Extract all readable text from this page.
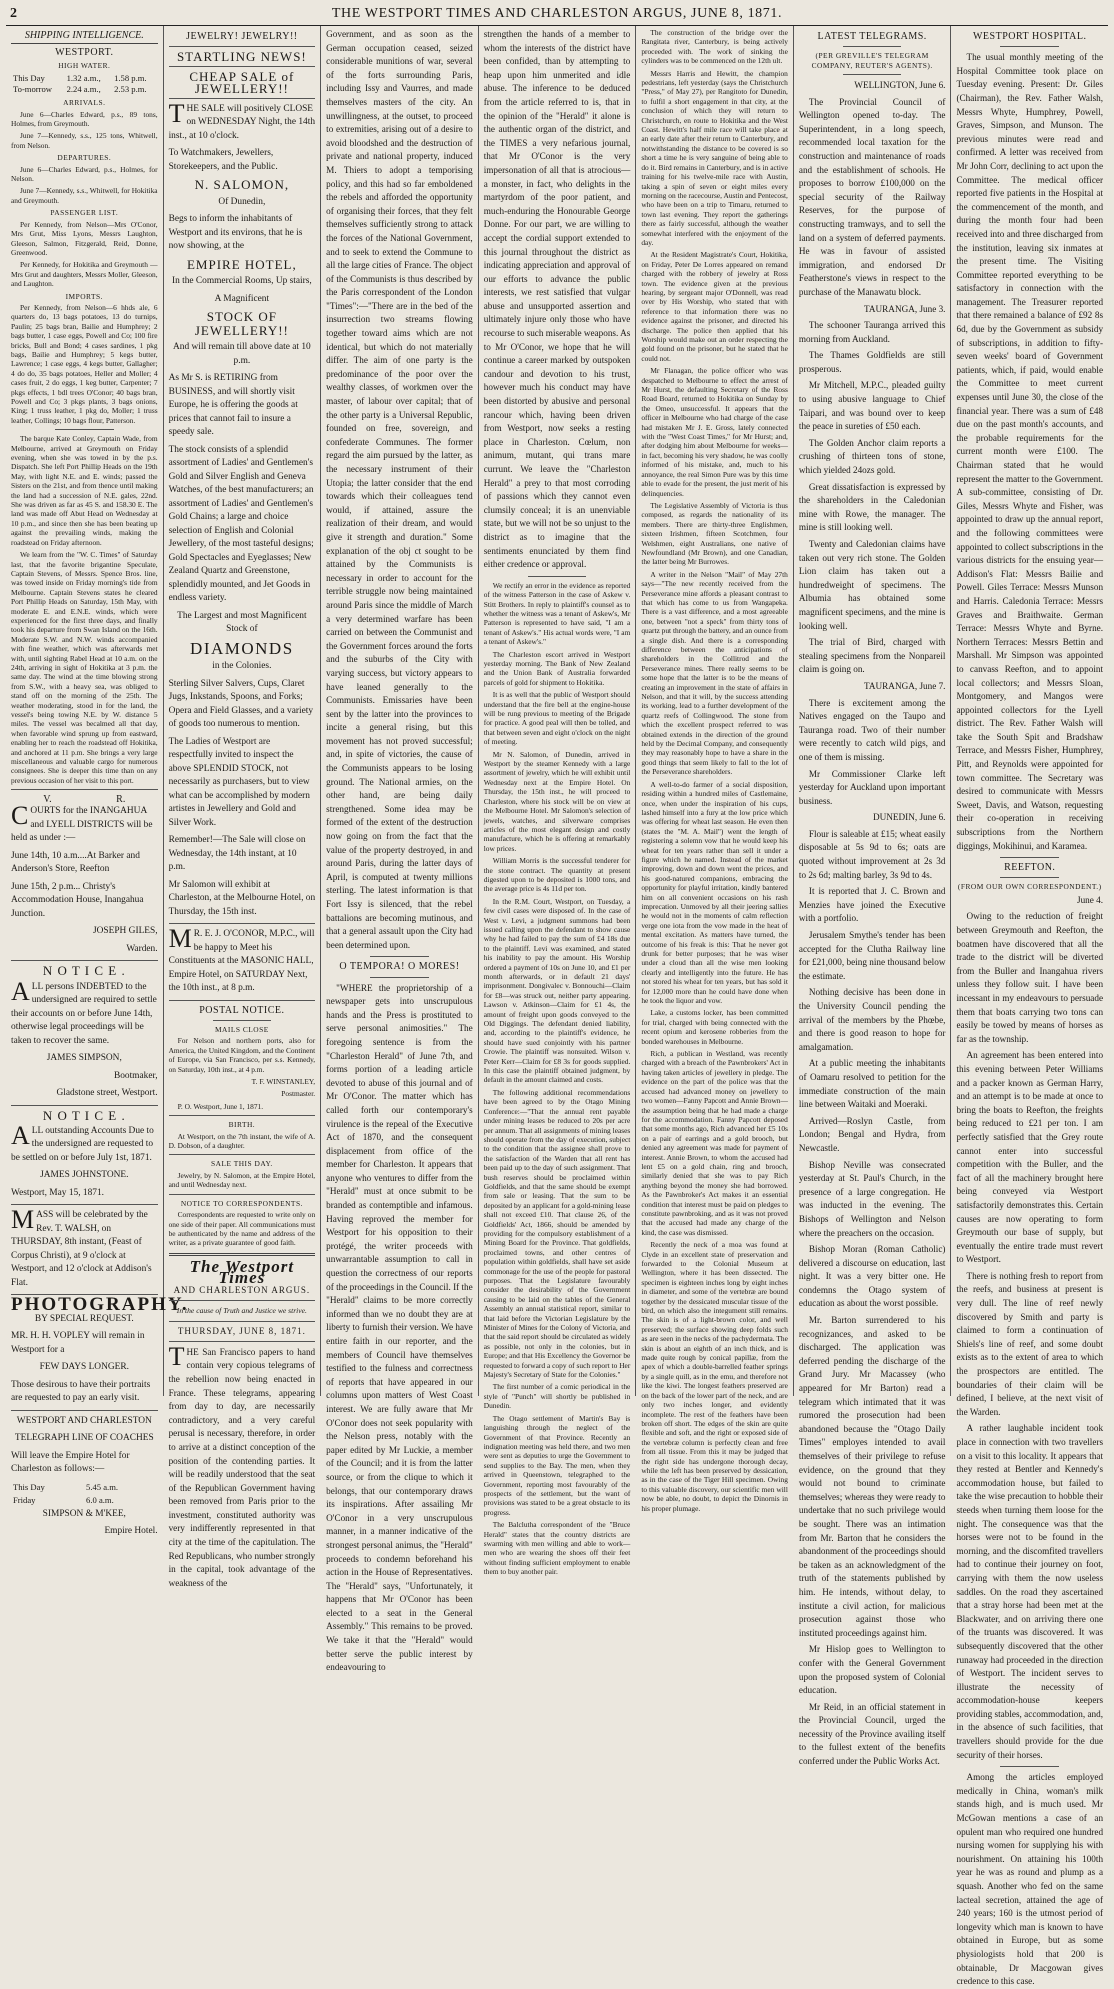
2	THE WESTPORT TIMES AND CHARLESTON ARGUS, JUNE 8, 1871.
SHIPPING INTELLIGENCE.
WESTPORT.
HIGH WATER.
This Day	1.32 a.m.,	1.58 p.m.
To-morrow	2.24 a.m.,	2.53 p.m.
ARRIVALS.

June 6—Charles Edward, p.s., 89 tons, Holmes, from Greymouth.

June 7—Kennedy, s.s., 125 tons, Whitwell, from Nelson.

DEPARTURES.

June 6—Charles Edward, p.s., Holmes, for Nelson.

June 7—Kennedy, s.s., Whitwell, for Hokitika and Greymouth.

PASSENGER LIST.

Per Kennedy, from Nelson—Mrs O'Conor, Mrs Grut, Miss Lyons, Messrs Laughton, Gleeson, Salmon, Fitzgerald, Reid, Donne, Greenwood.

Per Kennedy, for Hokitika and Greymouth —Mrs Grut and daughters, Messrs Moller, Gleeson, and Laughton.

IMPORTS.

Per Kennedy, from Nelson—6 hhds ale, 6 quarters do, 13 bags potatoes, 13 do turnips, Paulin; 25 bags bran, Bailie and Humphrey; 2 bags butter, 1 case eggs, Powell and Co; 100 fire bricks, Bull and Bond; 4 cases sardines, 1 pkg bags, Bailie and Humphrey; 5 kegs butter, Lawrence; 1 case eggs, 4 kegs butter, Gallagher; 4 do do, 35 bags potatoes, Heller and Moller; 4 cases fruit, 2 do eggs, 1 keg butter, Carpenter; 7 pkgs effects, 1 bdl trees O'Conor; 40 bags bran, Powell and Co; 3 pkgs plants, 3 bags onions, King; 1 truss leather, 1 pkg do, Moller; 1 truss leather, Collings; 10 bags flour, Patterson.

The barque Kate Conley, Captain Wade, from Melbourne, arrived at Greymouth on Friday evening, when she was towed in by the p.s. Dispatch. She left Port Phillip Heads on the 19th May, with light N.E. and E. winds; passed the Sisters on the 21st, and from thence until making the land had a succession of N.E. gales, 22nd. She was driven as far as 45 S. and 158.30 E. The land was made off Abut Head on Wednesday at 10 p.m., and since then she has been beating up against the prevailing winds, making the roadstead on Friday afternoon.

We learn from the "W. C. Times" of Saturday last, that the favorite brigantine Speculate, Captain Stevens, of Messrs. Spence Bros. line, was towed inside on Friday morning's tide from Melbourne. Captain Stevens states he cleared Port Phillip Heads on Saturday, 15th May, with moderate E. and E.N.E. winds, which were experienced for the first three days, and finally took his departure from Swan Island on the 16th. Moderate S.W. and N.W. winds accompanied with fine weather, which was afterwards met with, until sighting Rabel Head at 10 a.m. on the 24th, arriving in sight of Hokitika at 3 p.m. the same day. The wind at the time blowing strong from S.W., with a heavy sea, was obliged to stand off on the morning of the 25th. The weather moderating, stood in for the land, the vessel's being towing N.E. by W. distance 5 miles. The vessel was becalmed all that day, when favorable wind sprung up from eastward, enabling her to reach the roadstead off Hokitika, and anchored at 11 p.m. She brings a very large miscellaneous and valuable cargo for numerous consignees. She is deeper this time than on any previous occasion of her visit to this port.

V.	R.

COURTS for the INANGAHUA and LYELL DISTRICTS will be held as under :—

June 14th, 10 a.m....At Barker and Anderson's Store, Reefton

June 15th, 2 p.m... Christy's Accommodation House, Inangahua Junction.

JOSEPH GILES,

Warden.

N O T I C E .

ALL persons INDEBTED to the undersigned are required to settle their accounts on or before June 14th, otherwise legal proceedings will be taken to recover the same.

JAMES SIMPSON,

Bootmaker,

Gladstone street, Westport.

N O T I C E .

ALL outstanding Accounts Due to the undersigned are requested to be settled on or before July 1st, 1871.

JAMES JOHNSTONE.

Westport, May 15, 1871.

MASS will be celebrated by the Rev. T. WALSH, on THURSDAY, 8th instant, (Feast of Corpus Christi), at 9 o'clock at Westport, and 12 o'clock at Addison's Flat.

PHOTOGRAPHY.

BY SPECIAL REQUEST.

MR. H. H. VOPLEY will remain in Westport for a

FEW DAYS LONGER.

Those desirous to have their portraits are requested to pay an early visit.

WESTPORT AND CHARLESTON

TELEGRAPH LINE OF COACHES

Will leave the Empire Hotel for Charleston as follows:—

This Day	5.45 a.m.
Friday	6.0 a.m.

SIMPSON & M'KEE,

Empire Hotel.

JEWELRY! JEWELRY!!
STARTLING NEWS!
CHEAP SALE of JEWELLERY!!

THE SALE will positively CLOSE on WEDNESDAY Night, the 14th inst., at 10 o'clock.

To Watchmakers, Jewellers, Storekeepers, and the Public.

N. SALOMON,

Of Dunedin,

Begs to inform the inhabitants of Westport and its environs, that he is now showing, at the

EMPIRE HOTEL,

In the Commercial Rooms, Up stairs,

A Magnificent

STOCK OF JEWELLERY!!

And will remain till above date at 10 p.m.

As Mr S. is RETIRING from BUSINESS, and will shortly visit Europe, he is offering the goods at prices that cannot fail to insure a speedy sale.

The stock consists of a splendid assortment of Ladies' and Gentlemen's Gold and Silver English and Geneva Watches, of the best manufacturers; an assortment of Ladies' and Gentlemen's Gold Chains; a large and choice selection of English and Colonial Jewellery, of the most tasteful designs; Gold Spectacles and Eyeglasses; New Zealand Quartz and Greenstone, splendidly mounted, and Jet Goods in endless variety.

The Largest and most Magnificent Stock of

DIAMONDS

in the Colonies.

Sterling Silver Salvers, Cups, Claret Jugs, Inkstands, Spoons, and Forks; Opera and Field Glasses, and a variety of goods too numerous to mention.

The Ladies of Westport are respectfully invited to inspect the above SPLENDID STOCK, not necessarily as purchasers, but to view what can be accomplished by modern artistes in Jewellery and Gold and Silver Work.

Remember!—The Sale will close on Wednesday, the 14th instant, at 10 p.m.

Mr Salomon will exhibit at Charleston, at the Melbourne Hotel, on Thursday, the 15th inst.

MR. E. J. O'CONOR, M.P.C., will be happy to Meet his Constituents at the MASONIC HALL, Empire Hotel, on SATURDAY Next, the 10th inst., at 8 p.m.

POSTAL NOTICE.
MAILS CLOSE

For Nelson and northern ports, also for America, the United Kingdom, and the Continent of Europe, via San Francisco, per s.s. Kennedy, on Saturday, 10th inst., at 4 p.m.

T. F. WINSTANLEY,

Postmaster.

P. O. Westport, June 1, 1871.

BIRTH.

At Westport, on the 7th instant, the wife of A. D. Dobson, of a daughter.

SALE THIS DAY.

Jewelry, by N. Salomon, at the Empire Hotel, and until Wednesday next.

NOTICE TO CORRESPONDENTS.

Correspondents are requested to write only on one side of their paper. All communications must be authenticated by the name and address of the writer, as a private guarantee of good faith.

The Westport Times
AND CHARLESTON ARGUS.
In the cause of Truth and Justice we strive.
THURSDAY, JUNE 8, 1871.

THE San Francisco papers to hand contain very copious telegrams of the rebellion now being enacted in France. These telegrams, appearing from day to day, are necessarily contradictory, and a very careful perusal is necessary, therefore, in order to arrive at a distinct conception of the position of the contending parties. It will be readily understood that the seat of the Republican Government having been removed from Paris prior to the investment, constituted authority was very indifferently represented in that city at the time of the capitulation. The Red Republicans, who number strongly in the capital, took advantage of the weakness of the

Government, and as soon as the German occupation ceased, seized considerable munitions of war, several of the forts surrounding Paris, including Issy and Vaurres, and made themselves masters of the city. An unwillingness, at the outset, to proceed to extremities, arising out of a desire to avoid bloodshed and the destruction of private and national property, induced M. Thiers to adopt a temporising policy, and this had so far emboldened the rebels and afforded the opportunity of organising their forces, that they felt themselves sufficiently strong to attack the forces of the National Government, and to seek to extend the Commune to all the large cities of France. The object of the Communists is thus described by the Paris correspondent of the London "Times":—"There are in the bed of the insurrection two streams flowing together toward aims which are not identical, but which do not materially differ. The aim of one party is the predominance of the poor over the wealthy classes, of workmen over the master, of labour over capital; that of the other party is a Universal Republic, founded on free, sovereign, and confederate Communes. The former regard the aim pursued by the latter, as the necessary instrument of their Utopia; the latter consider that the end towards which their colleagues tend would, if attained, assure the realization of their dream, and would give it strength and duration." Some explanation of the obj ct sought to be attained by the Communists is necessary in order to account for the terrible struggle now being maintained around Paris since the middle of March a very determined warfare has been carried on between the Communist and the Government forces around the forts and the suburbs of the City with varying success, but victory appears to have leaned generally to the Communists. Emissaries have been sent by the latter into the provinces to incite a general rising, but this movement has not proved successful; and, in spite of victories, the cause of the Communists appears to be losing ground. The National armies, on the other hand, are being daily strengthened. Some idea may be formed of the extent of the destruction now going on from the fact that the value of the property destroyed, in and around Paris, during the latter days of April, is computed at twenty millions sterling. The latest information is that Fort Issy is silenced, that the rebel battalions are becoming mutinous, and that a general assault upon the City had been determined upon.

O TEMPORA! O MORES!

"WHERE the proprietorship of a newspaper gets into unscrupulous hands and the Press is prostituted to serve personal animosities." The foregoing sentence is from the "Charleston Herald" of June 7th, and forms portion of a leading article devoted to abuse of this journal and of Mr O'Conor. The matter which has called forth our contemporary's virulence is the repeal of the Executive Act of 1870, and the consequent displacement from office of the member for Charleston. It appears that anyone who ventures to differ from the "Herald" must at once submit to be branded as contemptible and infamous. Having reproved the member for Westport for his opposition to their protégé, the writer proceeds with unwarrantable assumption to call in question the correctness of our reports of the proceedings in the Council. If the "Herald" claims to be more correctly informed than we no doubt they are at liberty to furnish their version. We have entire faith in our reporter, and the members of Council have themselves testified to the fulness and correctness of reports that have appeared in our columns upon matters of West Coast interest. We are fully aware that Mr O'Conor does not seek popularity with the Nelson press, notably with the paper edited by Mr Luckie, a member of the Council; and it is from the latter source, or from the clique to which it belongs, that our contemporary draws its inspirations. After assailing Mr O'Conor in a very unscrupulous manner, in a manner indicative of the strongest personal animus, the "Herald" proceeds to condemn beforehand his action in the House of Representatives. The "Herald" says, "Unfortunately, it happens that Mr O'Conor has been elected to a seat in the General Assembly." This remains to be proved. We take it that the "Herald" would better serve the public interest by endeavouring to

strengthen the hands of a member to whom the interests of the district have been confided, than by attempting to heap upon him unmerited and idle abuse. The inference to be deduced from the article referred to is, that in the opinion of the "Herald" it alone is the authentic organ of the district, and the TIMES a very nefarious journal, that Mr O'Conor is the very impersonation of all that is atrocious—a monster, in fact, who delights in the martyrdom of the poor patient, and much-enduring the Honourable George Donne. For our part, we are willing to accept the cordial support extended to this journal throughout the district as indicating appreciation and approval of our efforts to advance the public interests, we rest satisfied that vulgar abuse and unsupported assertion and ultimately injure only those who have recourse to such miserable weapons. As to Mr O'Conor, we hope that he will continue a career marked by outspoken candour and devotion to his trust, however much his conduct may have been distorted by abusive and personal rancour which, having been driven from Westport, now seeks a resting place in Charleston. Cœlum, non animum, mutant, qui trans mare currunt. We leave the "Charleston Herald" a prey to that most corroding of passions which they cannot even clumsily conceal; it is an unenviable state, but we will not be so unjust to the district as to imagine that the sentiments enunciated by them find either credence or approval.

We rectify an error in the evidence as reported of the witness Patterson in the case of Askew v. Stitt Brothers. In reply to plaintiff's counsel as to whether the witness was a tenant of Askew's, Mr Patterson is represented to have said, "I am a tenant of Askew's." His actual words were, "I am a tenant of Askew's."

The Charleston escort arrived in Westport yesterday morning. The Bank of New Zealand and the Union Bank of Australia forwarded parcels of gold for shipment to Hokitika.

It is as well that the public of Westport should understand that the fire bell at the engine-house will be rung previous to meeting of the Brigade for practice. A good peal will then be tolled, and that between seven and eight o'clock on the night of meeting.

Mr N. Salomon, of Dunedin, arrived in Westport by the steamer Kennedy with a large assortment of jewelry, which he will exhibit until Wednesday next at the Empire Hotel. On Thursday, the 15th inst., he will proceed to Charleston, where his stock will be on view at the Melbourne Hotel. Mr Salomon's selection of jewels, watches, and silverware comprises articles of the most elegant design and costly manufacture, which he is offering at remarkably low prices.

William Morris is the successful tenderer for the stone contract. The quantity at present digested upon to be deposited is 1000 tons, and the average price is 4s 11d per ton.

In the R.M. Court, Westport, on Tuesday, a few civil cases were disposed of. In the case of West v. Levi, a judgment summons had been issued calling upon the defendant to show cause why he had failed to pay the sum of £4 18s due to the plaintiff. Levi was examined, and stated his inability to pay the amount. His Worship ordered a payment of 10s on June 10, and £1 per month afterwards, or in default 21 days' imprisonment. Dongivalec v. Bonnouchi—Claim for £8—was struck out, neither party appearing. Lawson v. Atkinson—Claim for £1 4s, the amount of freight upon goods conveyed to the Old Diggings. The defendant denied liability, and, according to the plaintiff's evidence, he should have sued conjointly with his partner Crowie. The plaintiff was nonsuited. Wilson v. Peter Kerr—Claim for £8 3s for goods supplied. In this case the plaintiff obtained judgment, by default in the amount claimed and costs.

The following additional recommendations have been agreed to by the Otago Mining Conference:—"That the annual rent payable under mining leases be reduced to 20s per acre per annum. That all assignments of mining leases should operate from the day of execution, subject to the condition that the assignee shall prove to the satisfaction of the Warden that all rent has been paid up to the day of such assignment. That bush reserves should be proclaimed within Goldfields, and that the same should be exempt from sale or leasing. That the sum to be deposited by an applicant for a gold-mining lease shall not exceed £10. That clause 26, of the Goldfields' Act, 1866, should be amended by providing for the compulsory establishment of a Mining Board for the Province. That goldfields, proclaimed towns, and other centres of population within goldfields, shall have set aside commonage for the use of the people for pastoral purposes. That the Legislature favourably consider the desirability of the Government causing to be laid on the tables of the General Assembly an annual statistical report, similar to that laid before the Victorian Legislature by the Minister of Mines for the Colony of Victoria, and that the said report should be circulated as widely as possible, not only in the colonies, but in Europe; and that His Excellency the Governor be requested to forward a copy of such report to Her Majesty's Secretary of State for the Colonies."

The first number of a comic periodical in the style of "Punch" will shortly be published in Dunedin.

The Otago settlement of Martin's Bay is languishing through the neglect of the Government of that Province. Recently an indignation meeting was held there, and two men were sent as deputies to urge the Government to send supplies to the Bay. The men, when they arrived in Queenstown, telegraphed to the Government, reporting most favourably of the prospects of the settlement, but the want of provisions was stated to be a great obstacle to its progress.

The Balclutha correspondent of the "Bruce Herald" states that the country districts are swarming with men willing and able to work—men who are wearing the shoes off their feet without finding sufficient employment to enable them to buy another pair.

The construction of the bridge over the Rangitata river, Canterbury, is being actively proceeded with. The work of sinking the cylinders was to be commenced on the 12th ult.

Messrs Harris and Hewitt, the champion pedestrians, left yesterday (says the Christchurch "Press," of May 27), per Rangitoto for Dunedin, to fulfil a short engagement in that city, at the conclusion of which they will return to Christchurch, en route to Hokitika and the West Coast. Hewitt's half mile race will take place at an early date after their return to Canterbury, and notwithstanding the distance to be covered is so short a time he is very sanguine of being able to do it. Bird remains in Canterbury, and is in active training for his twelve-mile race with Austin, taking a spin of seven or eight miles every morning on the racecourse, Austin and Pentecost, who have been on a trip to Timaru, returned to town last evening. They report the gatherings there as fairly successful, although the weather somewhat interfered with the enjoyment of the day.

At the Resident Magistrate's Court, Hokitika, on Friday, Peter De Lorres appeared on remand charged with the robbery of jewelry at Ross town. The evidence given at the previous hearing, by sergeant major O'Donnell, was read over by His Worship, who stated that with reference to that information there was no evidence against the prisoner, and directed his discharge. The police then applied that his Worship would make out an order respecting the gold found on the prisoner, but he stated that he could not.

Mr Flanagan, the police officer who was despatched to Melbourne to effect the arrest of Mr Hurst, the defaulting Secretary of the Ross Road Board, returned to Hokitika on Sunday by the Omeo, unsuccessful. It appears that the officer in Melbourne who had charge of the case had mistaken Mr J. E. Gross, lately connected with the "West Coast Times," for Mr Hurst; and, after dodging him about Melbourne for weeks—in fact, becoming his very shadow, he was coolly informed of his mistake, and, much to his annoyance, the real Simon Pure was by this time able to evade for the present, the just merit of his delinquencies.

The Legislative Assembly of Victoria is thus composed, as regards the nationality of its members. There are thirty-three Englishmen, sixteen Irishmen, fifteen Scotchmen, four Welshmen, eight Australians, one native of Newfoundland (Mr Brown), and one Canadian, the latter being Mr Burrowes.

A writer in the Nelson "Mail" of May 27th says—"The new recently received from the Perseverance mine affords a pleasant contrast to that which has come to us from Wangapeka. There is a vast difference, and a most agreeable one, between "not a speck" from thirty tons of quartz put through the battery, and an ounce from a single dish. And there is a corresponding difference between the anticipations of shareholders in the Collitrod and the Perseverance mines. There really seems to be some hope that the latter is to be the means of creating an improvement in the state of affairs in Nelson, and that it will, by the success attending its working, lead to a further development of the quartz reefs of Collingwood. The stone from which the excellent prospect referred to was obtained extends in the direction of the ground held by the Decimal Company, and consequently they may reasonably hope to have a share in the good things that seem likely to fall to the lot of the Perseverance shareholders.

A well-to-do farmer of a social disposition, residing within a hundred miles of Castlemaine, once, when under the inspiration of his cups, lashed himself into a fury at the low price which was offering for wheat last season. He even then (states the "M. A. Mail") went the length of registering a solemn vow that he would keep his wheat for ten years rather than sell it under a figure which he named. Instead of the market improving, down and down went the prices, and his good-natured companions, embracing the opportunity for playful irritation, kindly bantered him on all convenient occasions on his rash imprecation. Unmoved by all their jeering sallies he would not in the moments of calm reflection verge one iota from the vow made in the heat of mental excitation. As matters have turned, the outcome of his freak is this: That he never got drunk for better purposes; that he was wiser under a cloud than all the wise men looking clearly and intelligently into the future. He has not stored his wheat for ten years, but has sold it for 12,000 more than he could have done when he took the liquor and vow.

Lake, a customs locker, has been committed for trial, charged with being connected with the recent opium and kerosene robberies from the bonded warehouses in Melbourne.

Rich, a publican in Westland, was recently charged with a breach of the Pawnbrokers' Act in having taken articles of jewellery in pledge. The evidence on the part of the police was that the accused had advanced money on jewellery to two women—Fanny Papcott and Annie Brown—the assumption being that he had made a charge for the accommodation. Fanny Papcott deposed that some months ago, Rich advanced her £5 10s on a pair of earrings and a gold brooch, but denied any agreement was made for payment of interest. Annie Brown, to whom the accused had lent £5 on a gold chain, ring and brooch, similarly denied that she was to pay Rich anything beyond the money she had borrowed. As the Pawnbroker's Act makes it an essential condition that interest must be paid on pledges to constitute pawnbroking, and as it was not proved that the accused had made any charge of the kind, the case was dismissed.

Recently the neck of a moa was found at Clyde in an excellent state of preservation and forwarded to the Colonial Museum at Wellington, where it has been dissected. The specimen is eighteen inches long by eight inches in diameter, and some of the vertebræ are bound together by the dessicated muscular tissue of the bird, on which also the integument still remains. The skin is of a light-brown color, and well preserved; the surface showing deep folds such as are seen in the necks of the pachydermata. The skin is about an eighth of an inch thick, and is made quite rough by conical papillæ, from the apex of which a double-barrelled feather springs by a single quill, as in the emu, and therefore not like the kiwi. The longest feathers preserved are on the back of the lower part of the neck, and are only two inches longer, and evidently incomplete. The rest of the feathers have been broken off short. The edges of the skin are quite flexible and soft, and the right or exposed side of the vertebræ column is perfectly clean and free from all tissue. From this it may be judged that the right side has undergone thorough decay, while the left has been preserved by dessication, as in the case of the Tiger Hill specimen. Owing to this valuable discovery, our scientific men will now be able, no doubt, to depict the Dinornis in his proper plumage.

LATEST TELEGRAMS.
(PER GREVILLE'S TELEGRAM COMPANY, REUTER'S AGENTS).

WELLINGTON, June 6.

The Provincial Council of Wellington opened to-day. The Superintendent, in a long speech, recommended local taxation for the construction and maintenance of roads and the establishment of schools. He proposes to borrow £100,000 on the special security of the Railway Reserves, for the purpose of constructing tramways, and to sell the land on a system of deferred payments. He was in favour of assisted immigration, and endorsed Dr Featherstone's views in respect to the purchase of the Manawatu block.

TAURANGA, June 3.

The schooner Tauranga arrived this morning from Auckland.

The Thames Goldfields are still prosperous.

Mr Mitchell, M.P.C., pleaded guilty to using abusive language to Chief Taipari, and was bound over to keep the peace in sureties of £50 each.

The Golden Anchor claim reports a crushing of thirteen tons of stone, which yielded 24ozs gold.

Great dissatisfaction is expressed by the shareholders in the Caledonian mine with Rowe, the manager. The mine is still looking well.

Twenty and Caledonian claims have taken out very rich stone. The Golden Lion claim has taken out a hundredweight of specimens. The Albumia has obtained some magnificent specimens, and the mine is looking well.

The trial of Bird, charged with stealing specimens from the Nonpareil claim is going on.

TAURANGA, June 7.

There is excitement among the Natives engaged on the Taupo and Tauranga road. Two of their number were recently to catch wild pigs, and one of them is missing.

Mr Commissioner Clarke left yesterday for Auckland upon important business.

DUNEDIN, June 6.

Flour is saleable at £15; wheat easily disposable at 5s 9d to 6s; oats are quoted without improvement at 2s 3d to 2s 6d; malting barley, 3s 9d to 4s.

It is reported that J. C. Brown and Menzies have joined the Executive with a portfolio.

Jerusalem Smythe's tender has been accepted for the Clutha Railway line for £21,000, being nine thousand below the estimate.

Nothing decisive has been done in the University Council pending the arrival of the members by the Phœbe, and there is good reason to hope for amalgamation.

At a public meeting the inhabitants of Oamaru resolved to petition for the immediate construction of the main line between Waitaki and Moeraki.

Arrived—Roslyn Castle, from London; Bengal and Hydra, from Newcastle.

Bishop Neville was consecrated yesterday at St. Paul's Church, in the presence of a large congregation. He was inducted in the evening. The Bishops of Wellington and Nelson where the preachers on the occasion.

Bishop Moran (Roman Catholic) delivered a discourse on education, last night. It was a very bitter one. He condemns the Otago system of education as about the worst possible.

Mr. Barton surrendered to his recognizances, and asked to be discharged. The application was deferred pending the discharge of the Grand Jury. Mr Macassey (who appeared for Mr Barton) read a telegram which intimated that it was rumored the prosecution had been abandoned because the "Otago Daily Times" employes intended to avail themselves of their privilege to refuse evidence, on the ground that they would not bound to criminate themselves; whereas they were ready to undertake that no such privilege would be sought. There was an intimation from Mr. Barton that he considers the abandonment of the proceedings should be taken as an acknowledgment of the truth of the statements published by him. He intends, without delay, to institute a civil action, for malicious prosecution against those who instituted proceedings against him.

Mr Hislop goes to Wellington to confer with the General Government upon the proposed system of Colonial education.

Mr Reid, in an official statement in the Provincial Council, urged the necessity of the Province availing itself to the fullest extent of the benefits conferred under the Public Works Act.

WESTPORT HOSPITAL.

The usual monthly meeting of the Hospital Committee took place on Tuesday evening. Present: Dr. Giles (Chairman), the Rev. Father Walsh, Messrs Whyte, Humphrey, Powell, Graves, Simpson, and Munson. The previous minutes were read and confirmed. A letter was received from Mr John Corr, declining to act upon the Committee. The medical officer reported five patients in the Hospital at the commencement of the month, and during the month four had been received into and three discharged from the institution, leaving six inmates at the present time. The Visiting Committee reported everything to be satisfactory in connection with the management. The Treasurer reported that there remained a balance of £92 8s 6d, due by the Government as subsidy of subscriptions, in addition to fifty-seven weeks' board of Government patients, which, if paid, would enable the Committee to meet current expenses until June 30, the close of the financial year. There was a sum of £48 due on the past month's accounts, and the probable requirements for the current month were £100. The Chairman stated that he would represent the matter to the Government. A sub-committee, consisting of Dr. Giles, Messrs Whyte and Fisher, was appointed to draw up the annual report, and the following committees were appointed to collect subscriptions in the various districts for the ensuing year—Addison's Flat: Messrs Bailie and Powell. Giles Terrace: Messrs Munson and Harris. Caledonia Terrace: Messrs Graves and Braithwaite. German Terrace: Messrs Whyte and Byrne. Northern Terraces: Messrs Bettin and Marshall. Mr Simpson was appointed to canvass Reefton, and to appoint local collectors; and Messrs Sloan, Montgomery, and Mangos were appointed collectors for the Lyell district. The Rev. Father Walsh will take the South Spit and Bradshaw Terrace, and Messrs Fisher, Humphrey, Pitt, and Reynolds were appointed for town committee. The Secretary was desired to communicate with Messrs Sweet, Davis, and Watson, requesting their co-operation in receiving subscriptions from the Northern diggings, Mokihinui, and Karamea.

REEFTON.
(FROM OUR OWN CORRESPONDENT.)

June 4.

Owing to the reduction of freight between Greymouth and Reefton, the boatmen have discovered that all the trade to the district will be diverted from the Buller and Inangahua rivers unless they follow suit. I have been incessant in my endeavours to persuade them that boats carrying two tons can easily be towed by means of horses as far as the township.

An agreement has been entered into this evening between Peter Williams and a packer known as German Harry, and an attempt is to be made at once to bring the boats to Reefton, the freights being reduced to £21 per ton. I am perfectly satisfied that the Grey route cannot enter into successful competition with the Buller, and the fact of all the machinery brought here being conveyed via Westport satisfactorily demonstrates this. Certain causes are now operating to form Greymouth our base of supply, but eventually the entire trade must revert to Westport.

There is nothing fresh to report from the reefs, and business at present is very dull. The line of reef newly discovered by Smith and party is claimed to form a continuation of Shiels's line of reef, and some doubt exists as to the extent of area to which the prospectors are entitled. The boundaries of their claim will be defined, I believe, at the next visit of the Warden.

A rather laughable incident took place in connection with two travellers on a visit to this locality. It appears that they rested at Bentler and Kennedy's accommodation house, but failed to take the wise precaution to hobble their steeds when turning them loose for the night. The consequence was that the horses were not to be found in the morning, and the discomfited travellers had to continue their journey on foot, carrying with them the now useless saddles. On the road they ascertained that a stray horse had been met at the Blackwater, and on arriving there one of the truants was discovered. It was subsequently discovered that the other runaway had proceeded in the direction of Westport. The incident serves to illustrate the necessity of accommodation-house keepers providing stables, accommodation, and, in the absence of such facilities, that travellers should provide for the due security of their horses.

Among the articles employed medically in China, woman's milk stands high, and is much used. Mr McGowan mentions a case of an opulent man who required one hundred nursing women for supplying his with nourishment. On attaining his 100th year he was as round and plump as a squash. Another who fed on the same lacteal secretion, attained the age of 240 years; 160 is the utmost period of longevity which man is known to have obtained in Europe, but as some physiologists hold that 200 is obtainable, Dr Macgowan gives credence to this case.
